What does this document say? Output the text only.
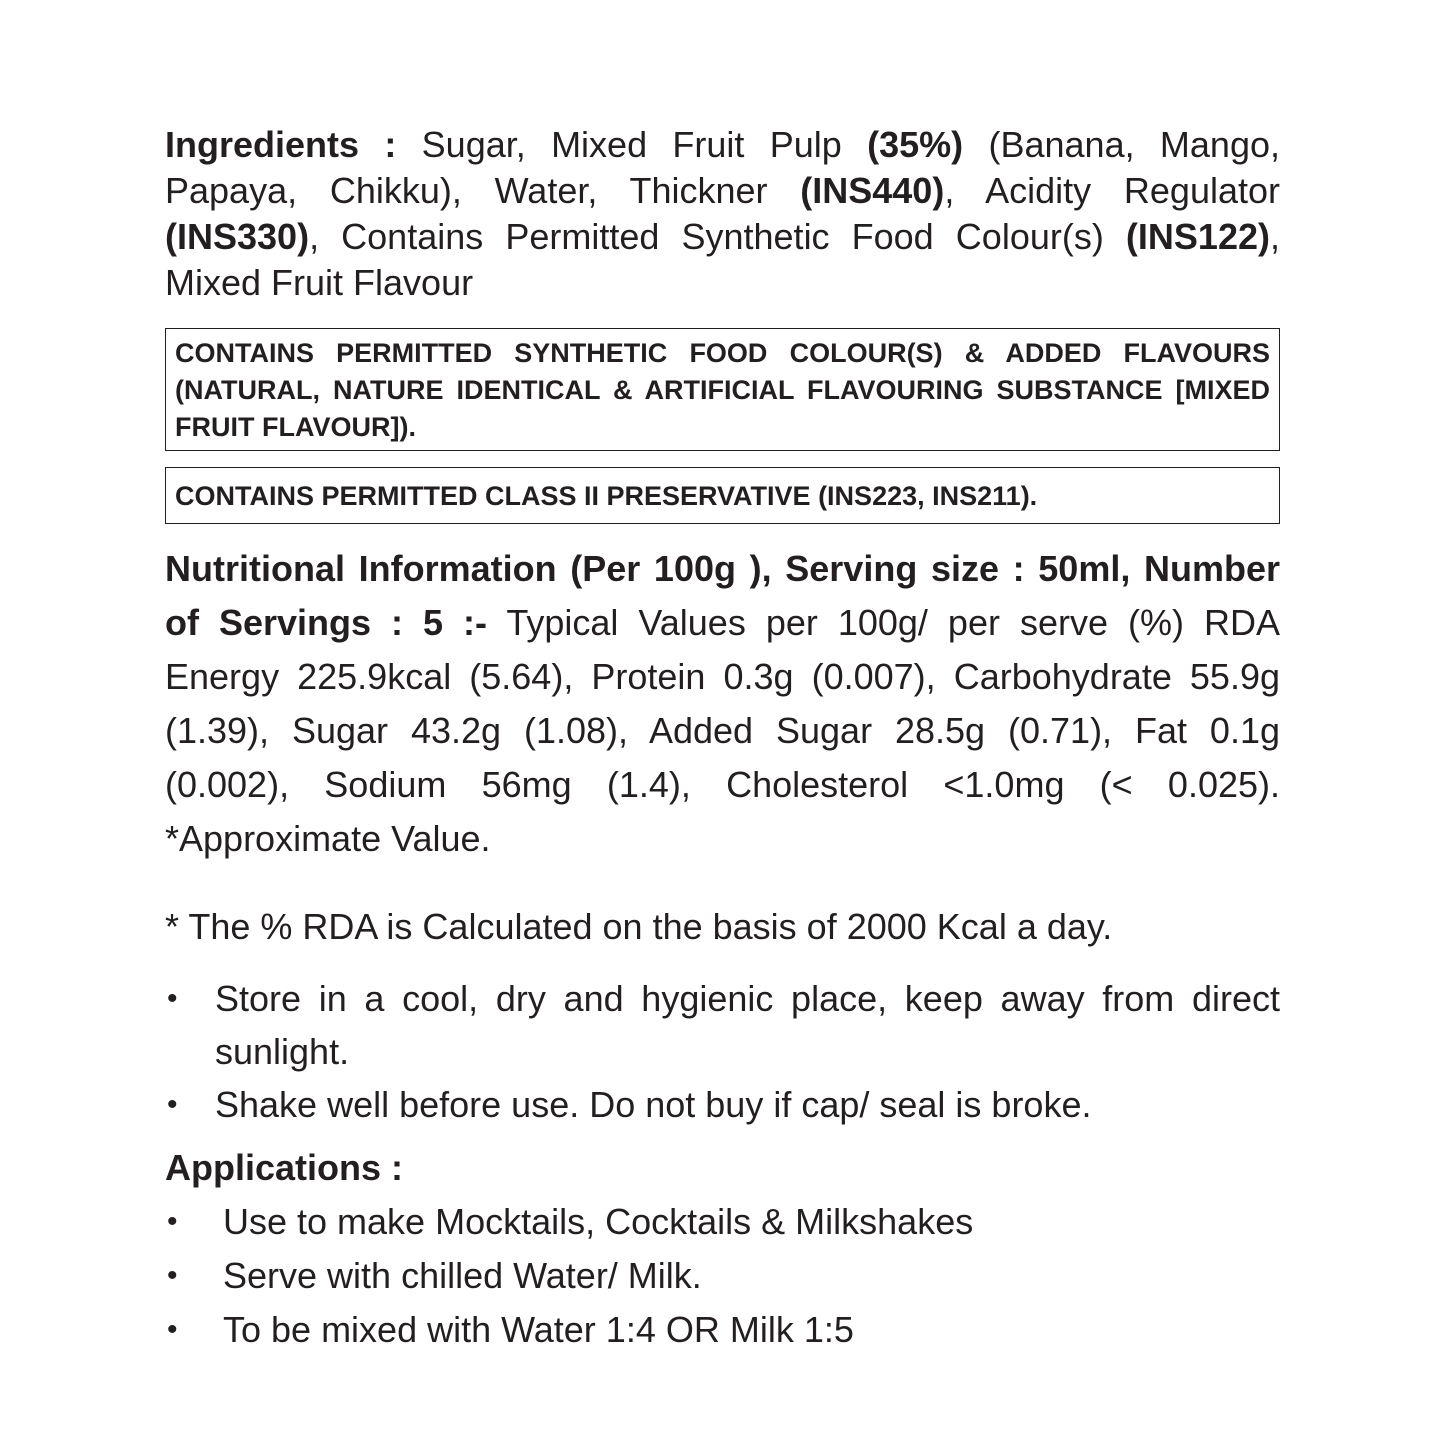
Ingredients : Sugar, Mixed Fruit Pulp (35%) (Banana, Mango, Papaya, Chikku), Water, Thickner (INS440), Acidity Regulator (INS330), Contains Permitted Synthetic Food Colour(s) (INS122), Mixed Fruit Flavour

CONTAINS PERMITTED SYNTHETIC FOOD COLOUR(S) & ADDED FLAVOURS (NATURAL, NATURE IDENTICAL & ARTIFICIAL FLAVOURING SUBSTANCE [MIXED FRUIT FLAVOUR]).
CONTAINS PERMITTED CLASS II PRESERVATIVE (INS223, INS211).

Nutritional Information (Per 100g ), Serving size : 50ml, Number of Servings : 5 :- Typical Values per 100g/ per serve (%) RDA Energy 225.9kcal (5.64), Protein 0.3g (0.007), Carbohydrate 55.9g (1.39), Sugar 43.2g (1.08), Added Sugar 28.5g (0.71), Fat 0.1g (0.002), Sodium 56mg (1.4), Cholesterol <1.0mg (< 0.025). *Approximate Value.

* The % RDA is Calculated on the basis of 2000 Kcal a day.
• Store in a cool, dry and hygienic place, keep away from direct sunlight.
• Shake well before use. Do not buy if cap/ seal is broke.
Applications :
• Use to make Mocktails, Cocktails & Milkshakes
• Serve with chilled Water/ Milk.
• To be mixed with Water 1:4 OR Milk 1:5
